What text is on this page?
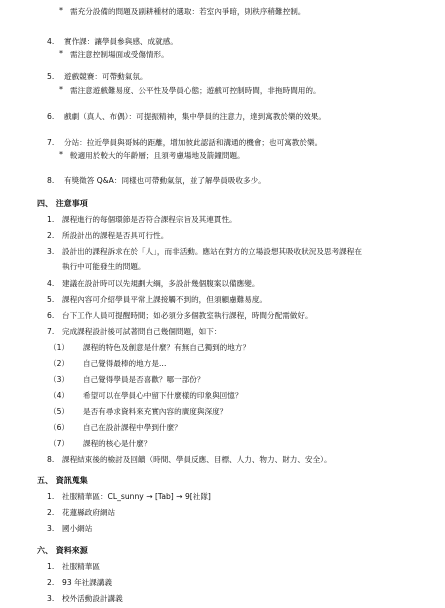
* 需充分設備的問題及副耕種材的選取：若室內爭暗，則秩序稍難控制。
4. 實作課：讓學員參與感、成就感。
* 需注意控制場面或受傷情形。
5. 遊戲競賽：可帶動氣氛。
* 需注意遊戲難易度、公平性及學員心態；遊戲可控制時間，非拖時間用的。
6. 戲劇（真人、布偶）：可提振精神，集中學員的注意力，達到寓教於樂的效果。
7. 分站：拉近學員與哥姊的距離，增加彼此認話和溝通的機會；也可寓教於樂。
* 較適用於較大的年齡層；且須考慮場地及箭鐘問題。
8. 有獎徵答 Q&A：同樣也可帶動氣氛，並了解學員吸收多少。
四、 注意事項
1. 課程進行的每個環節是否符合課程宗旨及其連貫性。
2. 所設計出的課程是否具可行性。
3. 設計出的課程訴求在於「人」，而非活動。應站在對方的立場設想其吸收狀況及思考課程在
執行中可能發生的問題。
4. 建議在設計時可以先規劃大綱，多設計幾個腹案以備應變。
5. 課程內容可介紹學員平常上課接觸不到的，但須顧慮難易度。
6. 台下工作人員可提醒時間；如必須分多個教室執行課程，時間分配需做好。
7. 完成課程設計後可試著問自己幾個問題，如下：
（1） 課程的特色及創意是什麼？有無自己獨到的地方？
（2） 自己覺得最棒的地方是…
（3） 自己覺得學員是否喜歡？哪一部份？
（4） 希望可以在學員心中留下什麼樣的印象與回憶？
（5） 是否有尋求資料來充實內容的廣度與深度？
（6） 自己在設計課程中學到什麼？
（7） 課程的核心是什麼？
8. 課程結束後的檢討及回饋（時間、學員反應、目標、人力、物力、財力、安全）。
五、 資訊蒐集
1. 社服精華區：CL_sunny → [Tab] → 9[社隊]
2. 花蓮縣政府網站
3. 國小網站
六、 資料來源
1. 社服精華區
2. 93 年社課講義
3. 校外活動設計講義
